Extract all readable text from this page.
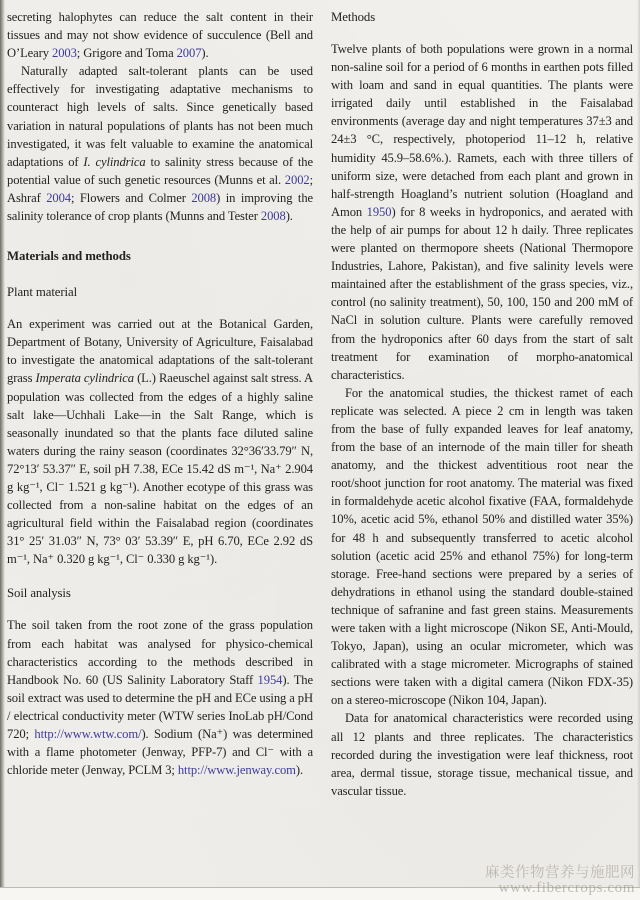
secreting halophytes can reduce the salt content in their tissues and may not show evidence of succulence (Bell and O’Leary 2003; Grigore and Toma 2007).

Naturally adapted salt-tolerant plants can be used effectively for investigating adaptative mechanisms to counteract high levels of salts. Since genetically based variation in natural populations of plants has not been much investigated, it was felt valuable to examine the anatomical adaptations of I. cylindrica to salinity stress because of the potential value of such genetic resources (Munns et al. 2002; Ashraf 2004; Flowers and Colmer 2008) in improving the salinity tolerance of crop plants (Munns and Tester 2008).

Materials and methods
Plant material

An experiment was carried out at the Botanical Garden, Department of Botany, University of Agriculture, Faisalabad to investigate the anatomical adaptations of the salt-tolerant grass Imperata cylindrica (L.) Raeuschel against salt stress. A population was collected from the edges of a highly saline salt lake—Uchhali Lake—in the Salt Range, which is seasonally inundated so that the plants face diluted saline waters during the rainy season (coordinates 32°36′33.79″ N, 72°13′ 53.37″ E, soil pH 7.38, ECe 15.42 dS m⁻¹, Na⁺ 2.904 g kg⁻¹, Cl⁻ 1.521 g kg⁻¹). Another ecotype of this grass was collected from a non-saline habitat on the edges of an agricultural field within the Faisalabad region (coordinates 31° 25′ 31.03″ N, 73° 03′ 53.39″ E, pH 6.70, ECe 2.92 dS m⁻¹, Na⁺ 0.320 g kg⁻¹, Cl⁻ 0.330 g kg⁻¹).

Soil analysis

The soil taken from the root zone of the grass population from each habitat was analysed for physico-chemical characteristics according to the methods described in Handbook No. 60 (US Salinity Laboratory Staff 1954). The soil extract was used to determine the pH and ECe using a pH / electrical conductivity meter (WTW series InoLab pH/Cond 720; http://www.wtw.com/). Sodium (Na⁺) was determined with a flame photometer (Jenway, PFP-7) and Cl⁻ with a chloride meter (Jenway, PCLM 3; http://www.jenway.com).

Methods

Twelve plants of both populations were grown in a normal non-saline soil for a period of 6 months in earthen pots filled with loam and sand in equal quantities. The plants were irrigated daily until established in the Faisalabad environments (average day and night temperatures 37±3 and 24±3 °C, respectively, photoperiod 11–12 h, relative humidity 45.9–58.6%.). Ramets, each with three tillers of uniform size, were detached from each plant and grown in half-strength Hoagland’s nutrient solution (Hoagland and Amon 1950) for 8 weeks in hydroponics, and aerated with the help of air pumps for about 12 h daily. Three replicates were planted on thermopore sheets (National Thermopore Industries, Lahore, Pakistan), and five salinity levels were maintained after the establishment of the grass species, viz., control (no salinity treatment), 50, 100, 150 and 200 mM of NaCl in solution culture. Plants were carefully removed from the hydroponics after 60 days from the start of salt treatment for examination of morpho-anatomical characteristics.

For the anatomical studies, the thickest ramet of each replicate was selected. A piece 2 cm in length was taken from the base of fully expanded leaves for leaf anatomy, from the base of an internode of the main tiller for sheath anatomy, and the thickest adventitious root near the root/shoot junction for root anatomy. The material was fixed in formaldehyde acetic alcohol fixative (FAA, formaldehyde 10%, acetic acid 5%, ethanol 50% and distilled water 35%) for 48 h and subsequently transferred to acetic alcohol solution (acetic acid 25% and ethanol 75%) for long-term storage. Free-hand sections were prepared by a series of dehydrations in ethanol using the standard double-stained technique of safranine and fast green stains. Measurements were taken with a light microscope (Nikon SE, Anti-Mould, Tokyo, Japan), using an ocular micrometer, which was calibrated with a stage micrometer. Micrographs of stained sections were taken with a digital camera (Nikon FDX-35) on a stereo-microscope (Nikon 104, Japan).

Data for anatomical characteristics were recorded using all 12 plants and three replicates. The characteristics recorded during the investigation were leaf thickness, root area, dermal tissue, storage tissue, mechanical tissue, and vascular tissue.

麻类作物营养与施肥网
www.fibercrops.com
